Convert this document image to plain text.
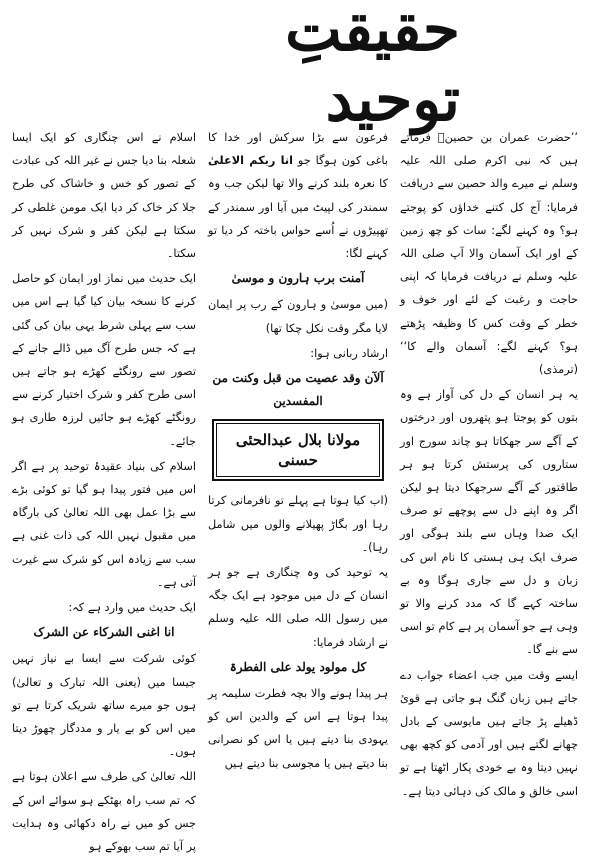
حقیقتِ توحید

’’حضرت عمران بن حصینؓ فرماتے ہیں کہ نبی اکرم صلی اللہ علیہ وسلم نے میرے والد حصین سے دریافت فرمایا: آج کل کتنے خداؤں کو پوجتے ہو؟ وہ کہنے لگے: سات کو چھ زمین کے اور ایک آسمان والا آپ صلی اللہ علیہ وسلم نے دریافت فرمایا کہ اپنی حاجت و رغبت کے لئے اور خوف و خطر کے وقت کس کا وظیفہ پڑھتے ہو؟ کہنے لگے: آسمان والے کا‘‘ (ترمذی)

یہ ہر انسان کے دل کی آواز ہے وہ بتوں کو پوجتا ہو پتھروں اور درختوں کے آگے سر جھکاتا ہو چاند سورج اور ستاروں کی پرستش کرتا ہو ہر طاقتور کے آگے سرجھکا دیتا ہو لیکن اگر وہ اپنے دل سے پوچھے تو صرف ایک صدا وہاں سے بلند ہوگی اور صرف ایک ہی ہستی کا نام اس کی زبان و دل سے جاری ہوگا وہ بے ساختہ کہے گا کہ مدد کرنے والا تو وہی ہے جو آسمان پر ہے کام تو اسی سے بنے گا۔

ایسے وقت میں جب اعضاء جواب دے جاتے ہیں زبان گنگ ہو جاتی ہے قوئ ڈھیلے پڑ جاتے ہیں مایوسی کے بادل چھانے لگتے ہیں اور آدمی کو کچھ بھی نہیں دیتا وہ بے خودی پکار اٹھتا ہے تو اسی خالق و مالک کی دہائی دیتا ہے۔

فرعون سے بڑا سرکش اور خدا کا باغی کون ہوگا جو انا ربکم الاعلیٰ کا نعرہ بلند کرنے والا تھا لیکن جب وہ سمندر کی لپیٹ میں آیا اور سمندر کے تھپیڑوں نے اُسے حواس باختہ کر دیا تو کہنے لگا:

آمنت برب ہارون و موسیٰ

(میں موسیٰ و ہارون کے رب پر ایمان لایا مگر وقت نکل چکا تھا)

ارشاد ربانی ہوا:

آلآن وقد عصیت من قبل وکنت من المفسدین

مولانا بلال عبدالحئی حسنی

(اب کیا ہوتا ہے پہلے تو نافرمانی کرتا رہا اور بگاڑ پھیلانے والوں میں شامل رہا)۔

یہ توحید کی وہ چنگاری ہے جو ہر انسان کے دل میں موجود ہے ایک جگہ میں رسول اللہ صلی اللہ علیہ وسلم نے ارشاد فرمایا:

کل مولود یولد علی الفطرۃ

ہر پیدا ہونے والا بچہ فطرت سلیمہ پر پیدا ہوتا ہے اس کے والدین اس کو یہودی بنا دیتے ہیں یا اس کو نصرانی بنا دیتے ہیں یا مجوسی بنا دیتے ہیں

اسلام نے اس چنگاری کو ایک ایسا شعلہ بنا دیا جس نے غیر اللہ کی عبادت کے تصور کو خس و خاشاک کی طرح جلا کر خاک کر دیا ایک مومن غلطی کر سکتا ہے لیکن کفر و شرک نہیں کر سکتا۔

ایک حدیث میں نماز اور ایمان کو حاصل کرنے کا نسخہ بیان کیا گیا ہے اس میں سب سے پہلی شرط یہی بیان کی گئی ہے کہ جس طرح آگ میں ڈالے جانے کے تصور سے رونگٹے کھڑے ہو جاتے ہیں اسی طرح کفر و شرک اختیار کرنے سے رونگٹے کھڑے ہو جائیں لرزہ طاری ہو جائے۔

اسلام کی بنیاد عقیدۂ توحید پر ہے اگر اس میں فتور پیدا ہو گیا تو کوئی بڑے سے بڑا عمل بھی اللہ تعالیٰ کی بارگاہ میں مقبول نہیں اللہ کی ذات غنی ہے سب سے زیادہ اس کو شرک سے غیرت آتی ہے۔

ایک حدیث میں وارد ہے کہ:

انا اغنی الشرکاء عن الشرک

کوئی شرکت سے ایسا بے نیاز نہیں جیسا میں (یعنی اللہ تبارک و تعالیٰ) ہوں جو میرے ساتھ شریک کرتا ہے تو میں اس کو بے یار و مددگار چھوڑ دیتا ہوں۔

اللہ تعالیٰ کی طرف سے اعلان ہوتا ہے کہ تم سب راہ بھٹکے ہو سوائے اس کے جس کو میں نے راہ دکھائی وہ ہدایت پر آیا تم سب بھوکے ہو
